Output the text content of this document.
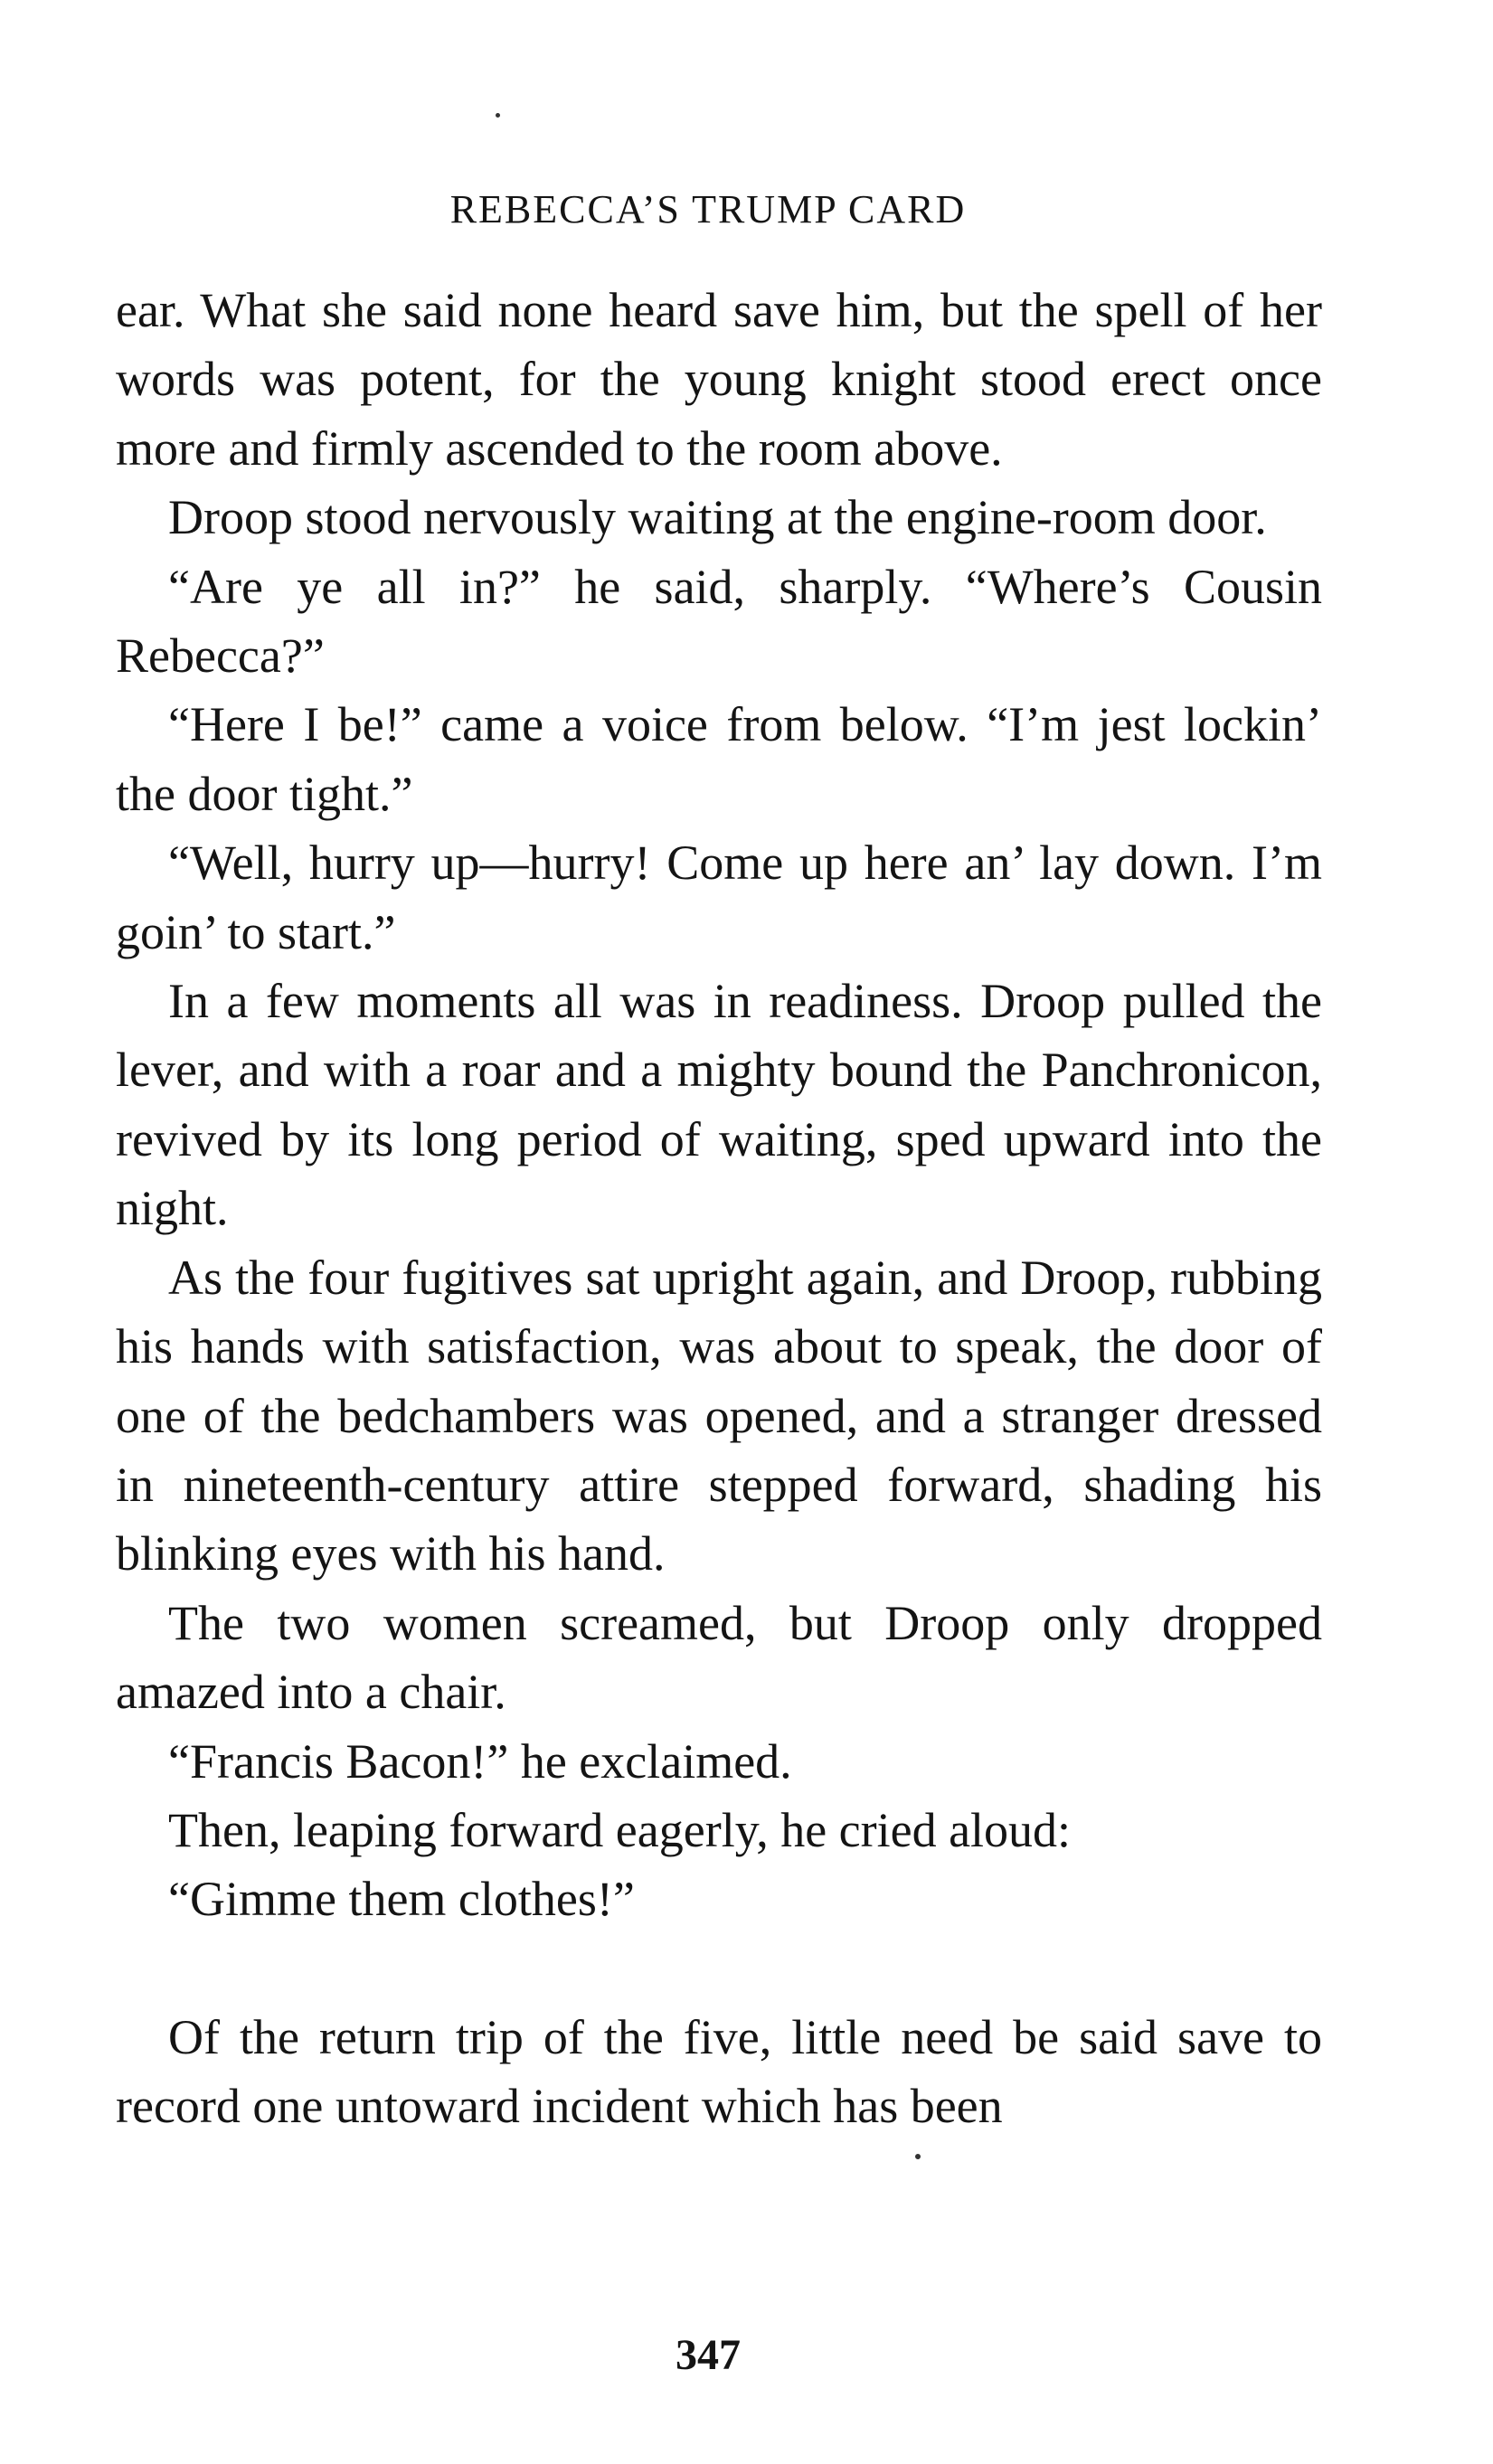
REBECCA’S TRUMP CARD

ear. What she said none heard save him, but the spell of her words was potent, for the young knight stood erect once more and firmly ascended to the room above.

Droop stood nervously waiting at the engine-room door.

“Are ye all in?” he said, sharply. “Where’s Cousin Rebecca?”

“Here I be!” came a voice from below. “I’m jest lockin’ the door tight.”

“Well, hurry up—hurry! Come up here an’ lay down. I’m goin’ to start.”

In a few moments all was in readiness. Droop pulled the lever, and with a roar and a mighty bound the Panchronicon, revived by its long period of waiting, sped upward into the night.

As the four fugitives sat upright again, and Droop, rubbing his hands with satisfaction, was about to speak, the door of one of the bedchambers was opened, and a stranger dressed in nineteenth-century attire stepped forward, shading his blinking eyes with his hand.

The two women screamed, but Droop only dropped amazed into a chair.

“Francis Bacon!” he exclaimed.

Then, leaping forward eagerly, he cried aloud:

“Gimme them clothes!”

Of the return trip of the five, little need be said save to record one untoward incident which has been

347
